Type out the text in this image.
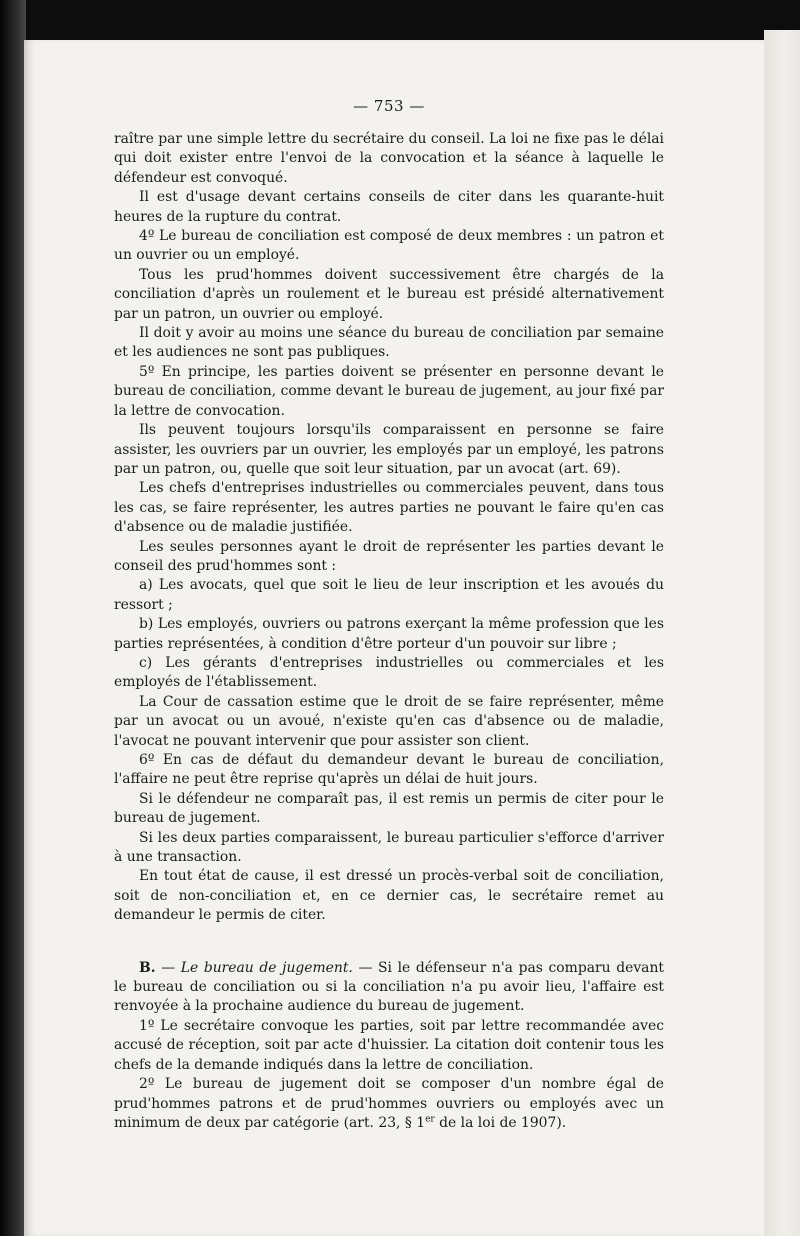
— 753 —

raître par une simple lettre du secrétaire du conseil. La loi ne fixe pas le délai qui doit exister entre l'envoi de la convocation et la séance à laquelle le défendeur est convoqué.

Il est d'usage devant certains conseils de citer dans les quarante-huit heures de la rupture du contrat.

4º Le bureau de conciliation est composé de deux membres : un patron et un ouvrier ou un employé.

Tous les prud'hommes doivent successivement être chargés de la conciliation d'après un roulement et le bureau est présidé alternativement par un patron, un ouvrier ou employé.

Il doit y avoir au moins une séance du bureau de conciliation par semaine et les audiences ne sont pas publiques.

5º En principe, les parties doivent se présenter en personne devant le bureau de conciliation, comme devant le bureau de jugement, au jour fixé par la lettre de convocation.

Ils peuvent toujours lorsqu'ils comparaissent en personne se faire assister, les ouvriers par un ouvrier, les employés par un employé, les patrons par un patron, ou, quelle que soit leur situation, par un avocat (art. 69).

Les chefs d'entreprises industrielles ou commerciales peuvent, dans tous les cas, se faire représenter, les autres parties ne pouvant le faire qu'en cas d'absence ou de maladie justifiée.

Les seules personnes ayant le droit de représenter les parties devant le conseil des prud'hommes sont :

a) Les avocats, quel que soit le lieu de leur inscription et les avoués du ressort ;

b) Les employés, ouvriers ou patrons exerçant la même profession que les parties représentées, à condition d'être porteur d'un pouvoir sur libre ;

c) Les gérants d'entreprises industrielles ou commerciales et les employés de l'établissement.

La Cour de cassation estime que le droit de se faire représenter, même par un avocat ou un avoué, n'existe qu'en cas d'absence ou de maladie, l'avocat ne pouvant intervenir que pour assister son client.

6º En cas de défaut du demandeur devant le bureau de conciliation, l'affaire ne peut être reprise qu'après un délai de huit jours.

Si le défendeur ne comparaît pas, il est remis un permis de citer pour le bureau de jugement.

Si les deux parties comparaissent, le bureau particulier s'efforce d'arriver à une transaction.

En tout état de cause, il est dressé un procès-verbal soit de conciliation, soit de non-conciliation et, en ce dernier cas, le secrétaire remet au demandeur le permis de citer.

B. — Le bureau de jugement. — Si le défenseur n'a pas comparu devant le bureau de conciliation ou si la conciliation n'a pu avoir lieu, l'affaire est renvoyée à la prochaine audience du bureau de jugement.

1º Le secrétaire convoque les parties, soit par lettre recommandée avec accusé de réception, soit par acte d'huissier. La citation doit contenir tous les chefs de la demande indiqués dans la lettre de conciliation.

2º Le bureau de jugement doit se composer d'un nombre égal de prud'hommes patrons et de prud'hommes ouvriers ou employés avec un minimum de deux par catégorie (art. 23, § 1er de la loi de 1907).
